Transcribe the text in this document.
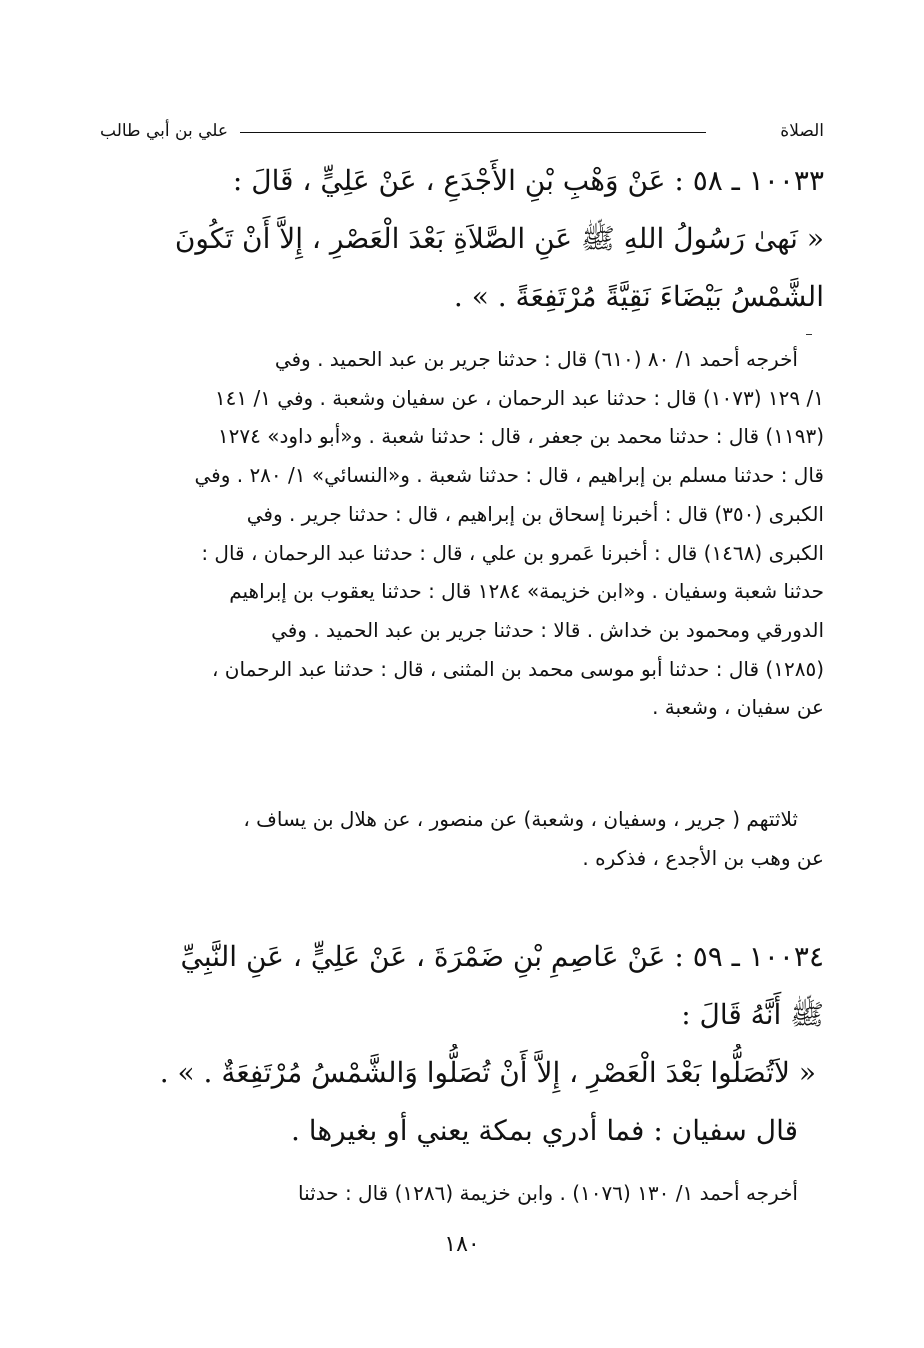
الصلاة
علي بن أبي طالب
١٠٠٣٣ ـ ٥٨ : عَنْ وَهْبِ بْنِ الأَجْدَعِ ، عَنْ عَلِيٍّ ، قَالَ :
« نَهىٰ رَسُولُ اللهِ ﷺ عَنِ الصَّلاَةِ بَعْدَ الْعَصْرِ ، إِلاَّ أَنْ تَكُونَ
الشَّمْسُ بَيْضَاءَ نَقِيَّةً مُرْتَفِعَةً . » .
أخرجه أحمد ١/ ٨٠ (٦١٠) قال : حدثنا جرير بن عبد الحميد . وفي
١/ ١٢٩ (١٠٧٣) قال : حدثنا عبد الرحمان ، عن سفيان وشعبة . وفي ١/ ١٤١
(١١٩٣) قال : حدثنا محمد بن جعفر ، قال : حدثنا شعبة . و«أبو داود» ١٢٧٤
قال : حدثنا مسلم بن إبراهيم ، قال : حدثنا شعبة . و«النسائي» ١/ ٢٨٠ . وفي
الكبرى (٣٥٠) قال : أخبرنا إسحاق بن إبراهيم ، قال : حدثنا جرير . وفي
الكبرى (١٤٦٨) قال : أخبرنا عَمرو بن علي ، قال : حدثنا عبد الرحمان ، قال :
حدثنا شعبة وسفيان . و«ابن خزيمة» ١٢٨٤ قال : حدثنا يعقوب بن إبراهيم
الدورقي ومحمود بن خداش . قالا : حدثنا جرير بن عبد الحميد . وفي
(١٢٨٥) قال : حدثنا أبو موسى محمد بن المثنى ، قال : حدثنا عبد الرحمان ،
عن سفيان ، وشعبة .
ثلاثتهم ( جرير ، وسفيان ، وشعبة) عن منصور ، عن هلال بن يساف ،
عن وهب بن الأجدع ، فذكره .
١٠٠٣٤ ـ ٥٩ : عَنْ عَاصِمِ بْنِ ضَمْرَةَ ، عَنْ عَلِيٍّ ، عَنِ النَّبِيِّ
ﷺ أَنَّهُ قَالَ :
« لاَتُصَلُّوا بَعْدَ الْعَصْرِ ، إِلاَّ أَنْ تُصَلُّوا وَالشَّمْسُ مُرْتَفِعَةٌ . » .
قال سفيان : فما أدري بمكة يعني أو بغيرها .
أخرجه أحمد ١/ ١٣٠ (١٠٧٦) . وابن خزيمة (١٢٨٦) قال : حدثنا
١٨٠
